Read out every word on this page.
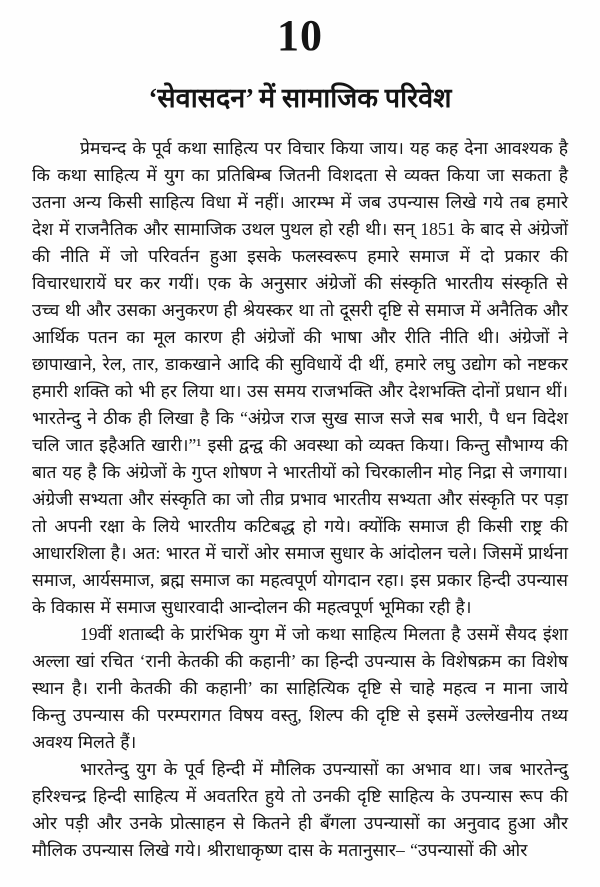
10
‘सेवासदन’ में सामाजिक परिवेश

प्रेमचन्द के पूर्व कथा साहित्य पर विचार किया जाय। यह कह देना आवश्यक है कि कथा साहित्य में युग का प्रतिबिम्ब जितनी विशदता से व्यक्त किया जा सकता है उतना अन्य किसी साहित्य विधा में नहीं। आरम्भ में जब उपन्यास लिखे गये तब हमारे देश में राजनैतिक और सामाजिक उथल पुथल हो रही थी। सन् 1851 के बाद से अंग्रेजों की नीति में जो परिवर्तन हुआ इसके फलस्वरूप हमारे समाज में दो प्रकार की विचारधारायें घर कर गयीं। एक के अनुसार अंग्रेजों की संस्कृति भारतीय संस्कृति से उच्च थी और उसका अनुकरण ही श्रेयस्कर था तो दूसरी दृष्टि से समाज में अनैतिक और आर्थिक पतन का मूल कारण ही अंग्रेजों की भाषा और रीति नीति थी। अंग्रेजों ने छापाखाने, रेल, तार, डाकखाने आदि की सुविधायें दी थीं, हमारे लघु उद्योग को नष्टकर हमारी शक्ति को भी हर लिया था। उस समय राजभक्ति और देशभक्ति दोनों प्रधान थीं। भारतेन्दु ने ठीक ही लिखा है कि “अंग्रेज राज सुख साज सजे सब भारी, पै धन विदेश चलि जात इहैअति खारी।”¹ इसी द्वन्द्व की अवस्था को व्यक्त किया। किन्तु सौभाग्य की बात यह है कि अंग्रेजों के गुप्त शोषण ने भारतीयों को चिरकालीन मोह निद्रा से जगाया। अंग्रेजी सभ्यता और संस्कृति का जो तीव्र प्रभाव भारतीय सभ्यता और संस्कृति पर पड़ा तो अपनी रक्षा के लिये भारतीय कटिबद्ध हो गये। क्योंकि समाज ही किसी राष्ट्र की आधारशिला है। अत: भारत में चारों ओर समाज सुधार के आंदोलन चले। जिसमें प्रार्थना समाज, आर्यसमाज, ब्रह्म समाज का महत्वपूर्ण योगदान रहा। इस प्रकार हिन्दी उपन्यास के विकास में समाज सुधारवादी आन्दोलन की महत्वपूर्ण भूमिका रही है।

19वीं शताब्दी के प्रारंभिक युग में जो कथा साहित्य मिलता है उसमें सैयद इंशा अल्ला खां रचित ‘रानी केतकी की कहानी’ का हिन्दी उपन्यास के विशेषक्रम का विशेष स्थान है। रानी केतकी की कहानी’ का साहित्यिक दृष्टि से चाहे महत्व न माना जाये किन्तु उपन्यास की परम्परागत विषय वस्तु, शिल्प की दृष्टि से इसमें उल्लेखनीय तथ्य अवश्य मिलते हैं।

भारतेन्दु युग के पूर्व हिन्दी में मौलिक उपन्यासों का अभाव था। जब भारतेन्दु हरिश्चन्द्र हिन्दी साहित्य में अवतरित हुये तो उनकी दृष्टि साहित्य के उपन्यास रूप की ओर पड़ी और उनके प्रोत्साहन से कितने ही बँगला उपन्यासों का अनुवाद हुआ और मौलिक उपन्यास लिखे गये। श्रीराधाकृष्ण दास के मतानुसार– “उपन्यासों की ओर
